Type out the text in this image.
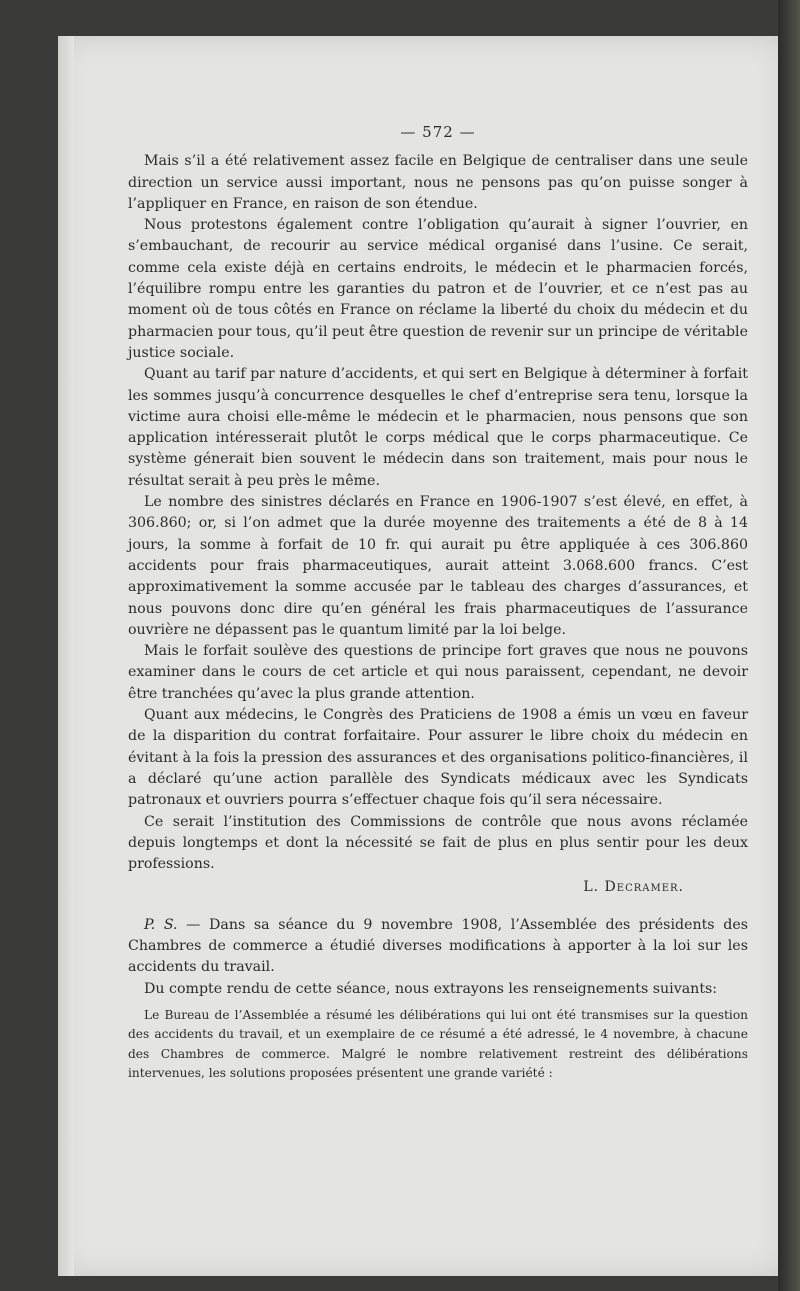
— 572 —

Mais s’il a été relativement assez facile en Belgique de centraliser dans une seule direction un service aussi important, nous ne pensons pas qu’on puisse songer à l’appliquer en France, en raison de son étendue.

Nous protestons également contre l’obligation qu’aurait à signer l’ouvrier, en s’embauchant, de recourir au service médical organisé dans l’usine. Ce serait, comme cela existe déjà en certains endroits, le médecin et le pharmacien forcés, l’équilibre rompu entre les garanties du patron et de l’ouvrier, et ce n’est pas au moment où de tous côtés en France on réclame la liberté du choix du médecin et du pharmacien pour tous, qu’il peut être question de revenir sur un principe de véritable justice sociale.

Quant au tarif par nature d’accidents, et qui sert en Belgique à déterminer à forfait les sommes jusqu’à concurrence desquelles le chef d’entreprise sera tenu, lorsque la victime aura choisi elle-même le médecin et le pharmacien, nous pensons que son application intéresserait plutôt le corps médical que le corps pharmaceutique. Ce système génerait bien souvent le médecin dans son traitement, mais pour nous le résultat serait à peu près le même.

Le nombre des sinistres déclarés en France en 1906-1907 s’est élevé, en effet, à 306.860; or, si l’on admet que la durée moyenne des traitements a été de 8 à 14 jours, la somme à forfait de 10 fr. qui aurait pu être appliquée à ces 306.860 accidents pour frais pharmaceutiques, aurait atteint 3.068.600 francs. C’est approximativement la somme accusée par le tableau des charges d’assurances, et nous pouvons donc dire qu’en général les frais pharmaceutiques de l’assurance ouvrière ne dépassent pas le quantum limité par la loi belge.

Mais le forfait soulève des questions de principe fort graves que nous ne pouvons examiner dans le cours de cet article et qui nous paraissent, cependant, ne devoir être tranchées qu’avec la plus grande attention.

Quant aux médecins, le Congrès des Praticiens de 1908 a émis un vœu en faveur de la disparition du contrat forfaitaire. Pour assurer le libre choix du médecin en évitant à la fois la pression des assurances et des organisations politico-financières, il a déclaré qu’une action parallèle des Syndicats médicaux avec les Syndicats patronaux et ouvriers pourra s’effectuer chaque fois qu’il sera nécessaire.

Ce serait l’institution des Commissions de contrôle que nous avons réclamée depuis longtemps et dont la nécessité se fait de plus en plus sentir pour les deux professions.

L. Decramer.

P. S. — Dans sa séance du 9 novembre 1908, l’Assemblée des présidents des Chambres de commerce a étudié diverses modifications à apporter à la loi sur les accidents du travail.

Du compte rendu de cette séance, nous extrayons les renseignements suivants:

Le Bureau de l’Assemblée a résumé les délibérations qui lui ont été transmises sur la question des accidents du travail, et un exemplaire de ce résumé a été adressé, le 4 novembre, à chacune des Chambres de commerce. Malgré le nombre relativement restreint des délibérations intervenues, les solutions proposées présentent une grande variété :
